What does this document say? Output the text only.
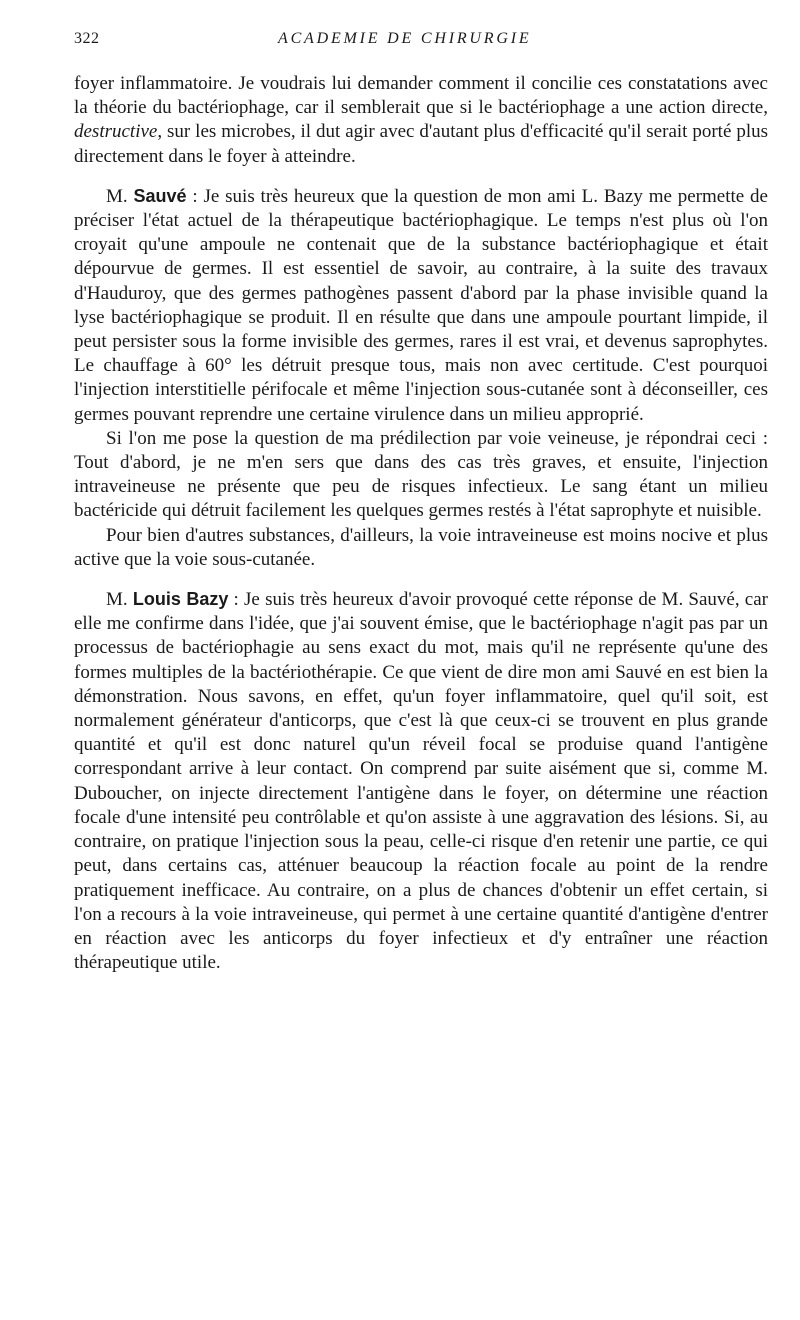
322	ACADEMIE DE CHIRURGIE

foyer inflammatoire. Je voudrais lui demander comment il concilie ces constatations avec la théorie du bactériophage, car il semblerait que si le bactériophage a une action directe, destructive, sur les microbes, il dut agir avec d'autant plus d'efficacité qu'il serait porté plus directement dans le foyer à atteindre.

M. Sauvé : Je suis très heureux que la question de mon ami L. Bazy me permette de préciser l'état actuel de la thérapeutique bactériophagique. Le temps n'est plus où l'on croyait qu'une ampoule ne contenait que de la substance bactériophagique et était dépourvue de germes. Il est essentiel de savoir, au contraire, à la suite des travaux d'Hauduroy, que des germes pathogènes passent d'abord par la phase invisible quand la lyse bactériophagique se produit. Il en résulte que dans une ampoule pourtant limpide, il peut persister sous la forme invisible des germes, rares il est vrai, et devenus saprophytes. Le chauffage à 60° les détruit presque tous, mais non avec certitude. C'est pourquoi l'injection interstitielle périfocale et même l'injection sous-cutanée sont à déconseiller, ces germes pouvant reprendre une certaine virulence dans un milieu approprié.

Si l'on me pose la question de ma prédilection par voie veineuse, je répondrai ceci : Tout d'abord, je ne m'en sers que dans des cas très graves, et ensuite, l'injection intraveineuse ne présente que peu de risques infectieux. Le sang étant un milieu bactéricide qui détruit facilement les quelques germes restés à l'état saprophyte et nuisible.

Pour bien d'autres substances, d'ailleurs, la voie intraveineuse est moins nocive et plus active que la voie sous-cutanée.

M. Louis Bazy : Je suis très heureux d'avoir provoqué cette réponse de M. Sauvé, car elle me confirme dans l'idée, que j'ai souvent émise, que le bactériophage n'agit pas par un processus de bactériophagie au sens exact du mot, mais qu'il ne représente qu'une des formes multiples de la bactériothérapie. Ce que vient de dire mon ami Sauvé en est bien la démonstration. Nous savons, en effet, qu'un foyer inflammatoire, quel qu'il soit, est normalement générateur d'anticorps, que c'est là que ceux-ci se trouvent en plus grande quantité et qu'il est donc naturel qu'un réveil focal se produise quand l'antigène correspondant arrive à leur contact. On comprend par suite aisément que si, comme M. Duboucher, on injecte directement l'antigène dans le foyer, on détermine une réaction focale d'une intensité peu contrôlable et qu'on assiste à une aggravation des lésions. Si, au contraire, on pratique l'injection sous la peau, celle-ci risque d'en retenir une partie, ce qui peut, dans certains cas, atténuer beaucoup la réaction focale au point de la rendre pratiquement inefficace. Au contraire, on a plus de chances d'obtenir un effet certain, si l'on a recours à la voie intraveineuse, qui permet à une certaine quantité d'antigène d'entrer en réaction avec les anticorps du foyer infectieux et d'y entraîner une réaction thérapeutique utile.
